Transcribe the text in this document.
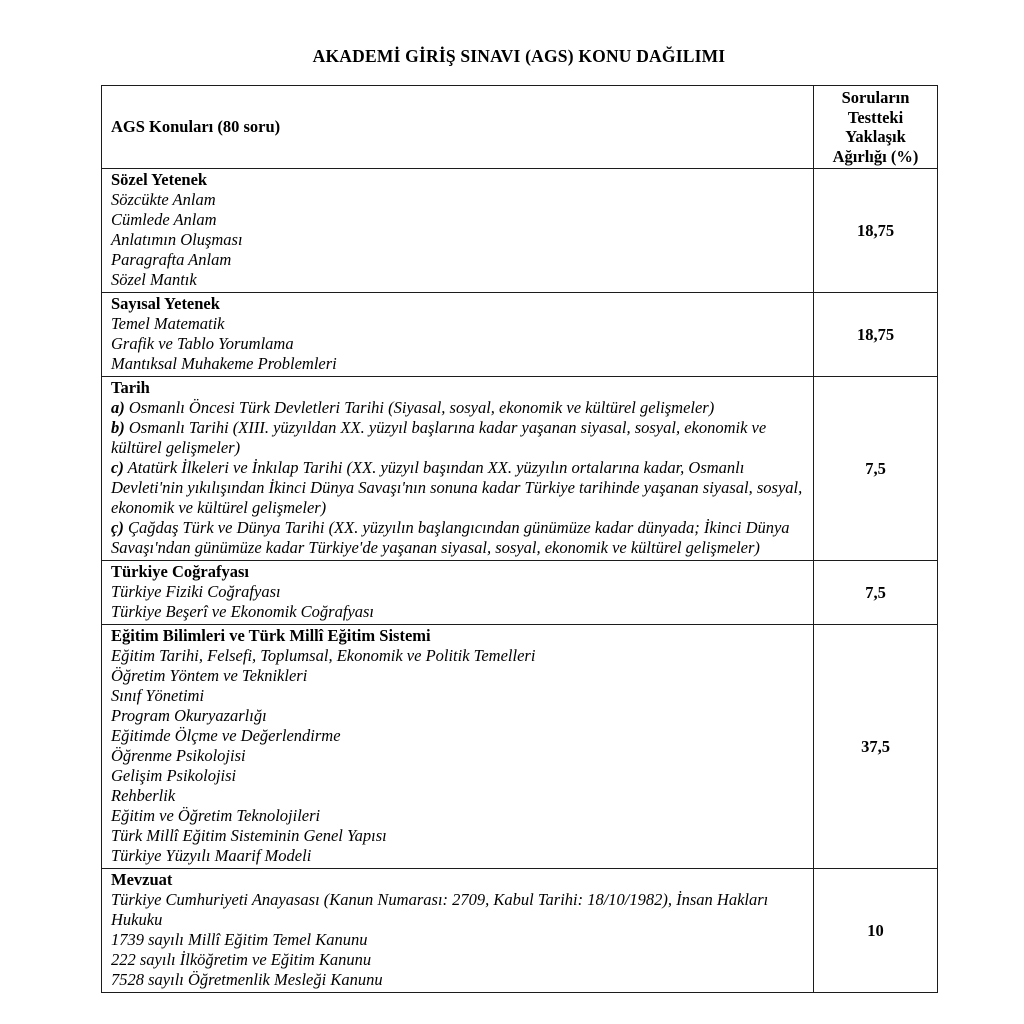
AKADEMİ GİRİŞ SINAVI (AGS) KONU DAĞILIMI
AGS Konuları (80 soru)	Soruların Testteki Yaklaşık Ağırlığı (%)

Sözel Yetenek
Sözcükte Anlam
Cümlede Anlam
Anlatımın Oluşması
Paragrafta Anlam
Sözel Mantık
	18,75

Sayısal Yetenek
Temel Matematik
Grafik ve Tablo Yorumlama
Mantıksal Muhakeme Problemleri	18,75

Tarih
a) Osmanlı Öncesi Türk Devletleri Tarihi (Siyasal, sosyal, ekonomik ve kültürel gelişmeler)
b) Osmanlı Tarihi (XIII. yüzyıldan XX. yüzyıl başlarına kadar yaşanan siyasal, sosyal, ekonomik ve kültürel gelişmeler)
c) Atatürk İlkeleri ve İnkılap Tarihi (XX. yüzyıl başından XX. yüzyılın ortalarına kadar, Osmanlı Devleti'nin yıkılışından İkinci Dünya Savaşı'nın sonuna kadar Türkiye tarihinde yaşanan siyasal, sosyal, ekonomik ve kültürel gelişmeler)
ç) Çağdaş Türk ve Dünya Tarihi (XX. yüzyılın başlangıcından günümüze kadar dünyada; İkinci Dünya Savaşı'ndan günümüze kadar Türkiye'de yaşanan siyasal, sosyal, ekonomik ve kültürel gelişmeler)	7,5

Türkiye Coğrafyası
Türkiye Fiziki Coğrafyası
Türkiye Beşerî ve Ekonomik Coğrafyası	7,5

Eğitim Bilimleri ve Türk Millî Eğitim Sistemi
Eğitim Tarihi, Felsefi, Toplumsal, Ekonomik ve Politik Temelleri
Öğretim Yöntem ve Teknikleri
Sınıf Yönetimi
Program Okuryazarlığı
Eğitimde Ölçme ve Değerlendirme
Öğrenme Psikolojisi
Gelişim Psikolojisi
Rehberlik
Eğitim ve Öğretim Teknolojileri
Türk Millî Eğitim Sisteminin Genel Yapısı
Türkiye Yüzyılı Maarif Modeli
	37,5

Mevzuat
Türkiye Cumhuriyeti Anayasası (Kanun Numarası: 2709, Kabul Tarihi: 18/10/1982), İnsan Hakları Hukuku
1739 sayılı Millî Eğitim Temel Kanunu
222 sayılı İlköğretim ve Eğitim Kanunu
7528 sayılı Öğretmenlik Mesleği Kanunu	10
